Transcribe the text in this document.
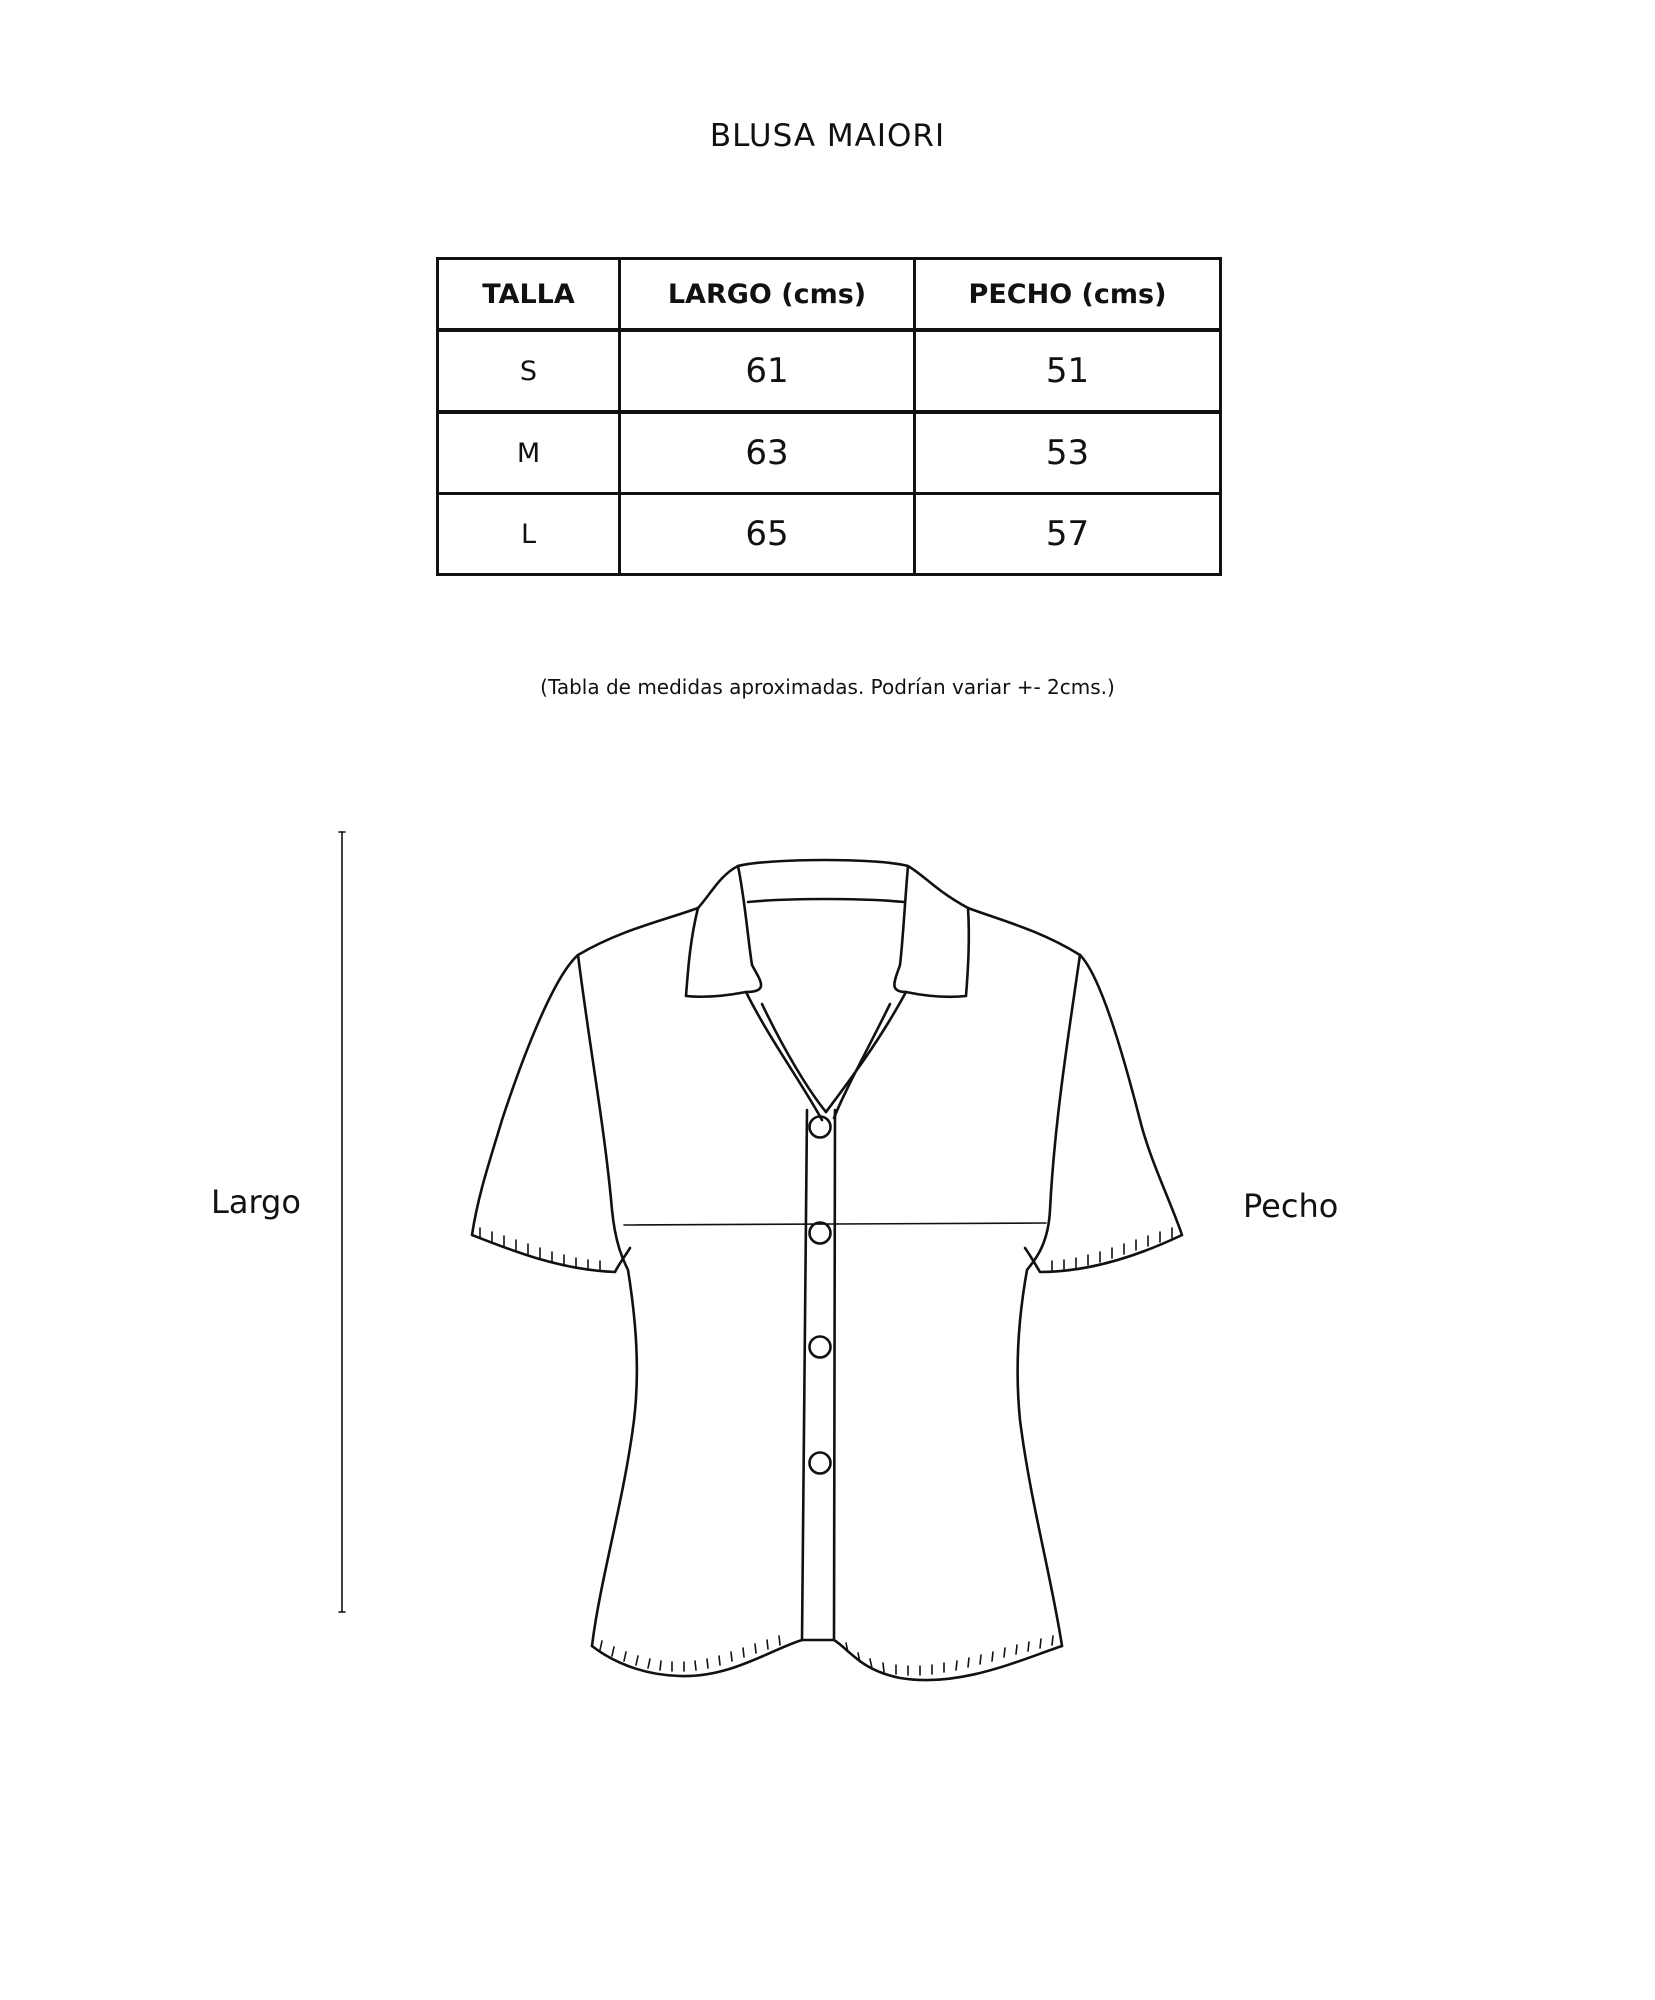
BLUSA MAIORI
TALLA	LARGO (cms)	PECHO (cms)
S	61	51
M	63	53
L	65	57
(Tabla de medidas aproximadas. Podrían variar +- 2cms.)
Largo	Pecho
